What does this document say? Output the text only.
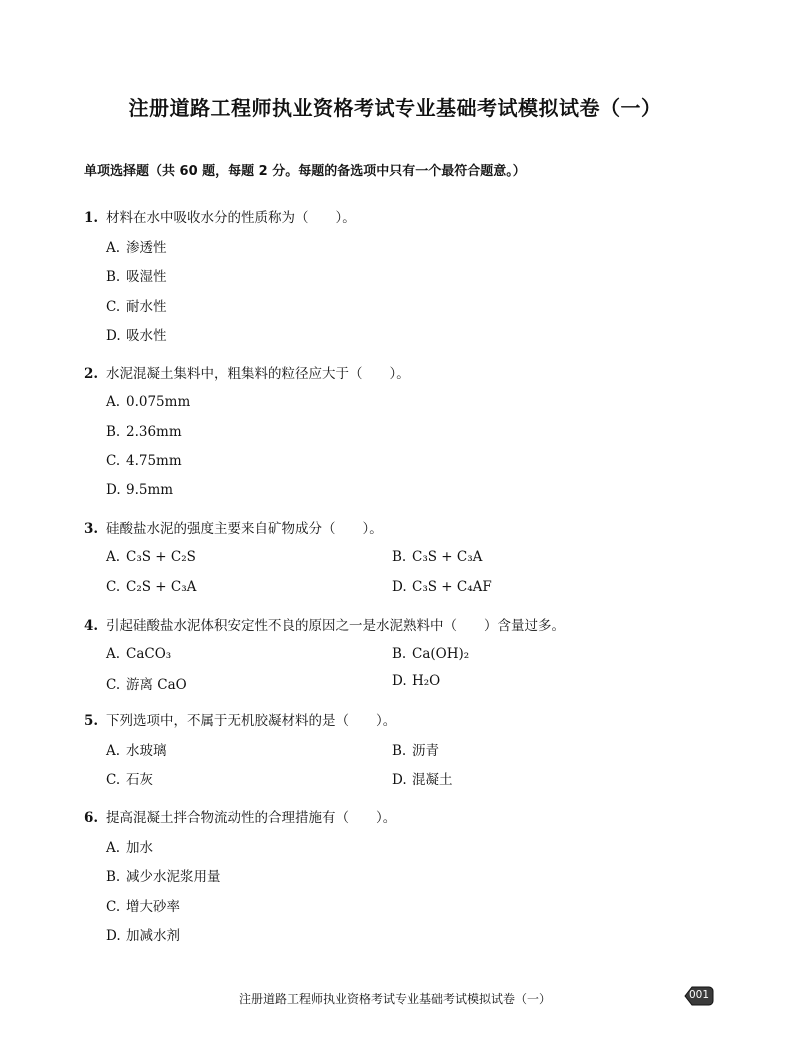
注册道路工程师执业资格考试专业基础考试模拟试卷（一）
单项选择题（共 60 题，每题 2 分。每题的备选项中只有一个最符合题意。）
1. 材料在水中吸收水分的性质称为（　　）。
A. 渗透性
B. 吸湿性
C. 耐水性
D. 吸水性
2. 水泥混凝土集料中，粗集料的粒径应大于（　　）。
A. 0.075mm
B. 2.36mm
C. 4.75mm
D. 9.5mm
3. 硅酸盐水泥的强度主要来自矿物成分（　　）。
A. C₃S + C₂S	B. C₃S + C₃A
C. C₂S + C₃A	D. C₃S + C₄AF
4. 引起硅酸盐水泥体积安定性不良的原因之一是水泥熟料中（　　）含量过多。
A. CaCO₃	B. Ca(OH)₂
C. 游离 CaO	D. H₂O
5. 下列选项中，不属于无机胶凝材料的是（　　）。
A. 水玻璃	B. 沥青
C. 石灰	D. 混凝土
6. 提高混凝土拌合物流动性的合理措施有（　　）。
A. 加水
B. 减少水泥浆用量
C. 增大砂率
D. 加减水剂
注册道路工程师执业资格考试专业基础考试模拟试卷（一）	001
